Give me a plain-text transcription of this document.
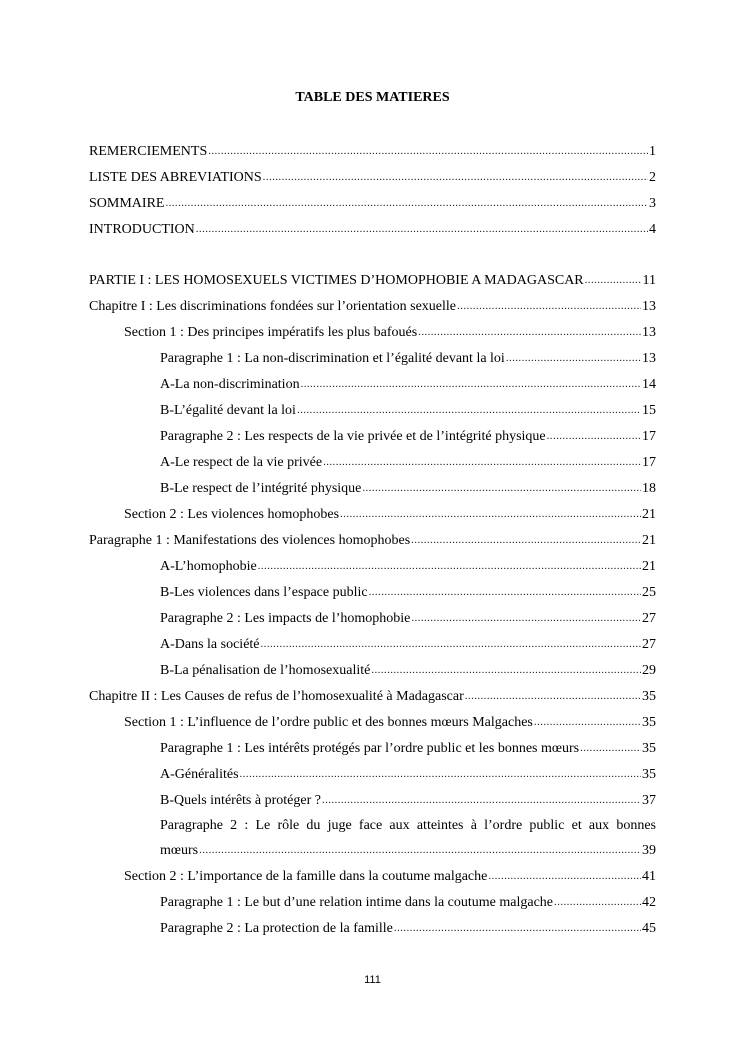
TABLE DES MATIERES
REMERCIEMENTS .....	1
LISTE DES ABREVIATIONS .....	2
SOMMAIRE .....	3
INTRODUCTION .....	4
PARTIE I : LES HOMOSEXUELS VICTIMES D’HOMOPHOBIE A MADAGASCAR .....	11
Chapitre I : Les discriminations fondées sur l’orientation sexuelle .....	13
Section 1 : Des principes impératifs les plus bafoués .....	13
Paragraphe 1 : La non-discrimination et l’égalité devant la loi .....	13
A-La non-discrimination .....	14
B-L’égalité devant la loi .....	15
Paragraphe 2 : Les respects de la vie privée et de l’intégrité physique .....	17
A-Le respect de la vie privée .....	17
B-Le respect de l’intégrité physique .....	18
Section 2 : Les violences homophobes .....	21
Paragraphe 1 : Manifestations des violences homophobes .....	21
A-L’homophobie .....	21
B-Les violences dans l’espace public .....	25
Paragraphe 2 : Les impacts de l’homophobie .....	27
A-Dans la société .....	27
B-La pénalisation de l’homosexualité .....	29
Chapitre II : Les Causes de refus de l’homosexualité à Madagascar .....	35
Section 1 : L’influence de l’ordre public et des bonnes mœurs Malgaches .....	35
Paragraphe 1 : Les intérêts protégés par l’ordre public et les bonnes mœurs .....	35
A-Généralités .....	35
B-Quels intérêts à protéger ? .....	37
Paragraphe 2 : Le rôle du juge face aux atteintes à l’ordre public et aux bonnes
mœurs .....	39
Section 2 : L’importance de la famille dans la coutume malgache .....	41
Paragraphe 1 : Le but d’une relation intime dans la coutume malgache .....	42
Paragraphe 2 : La protection de la famille .....	45
111
